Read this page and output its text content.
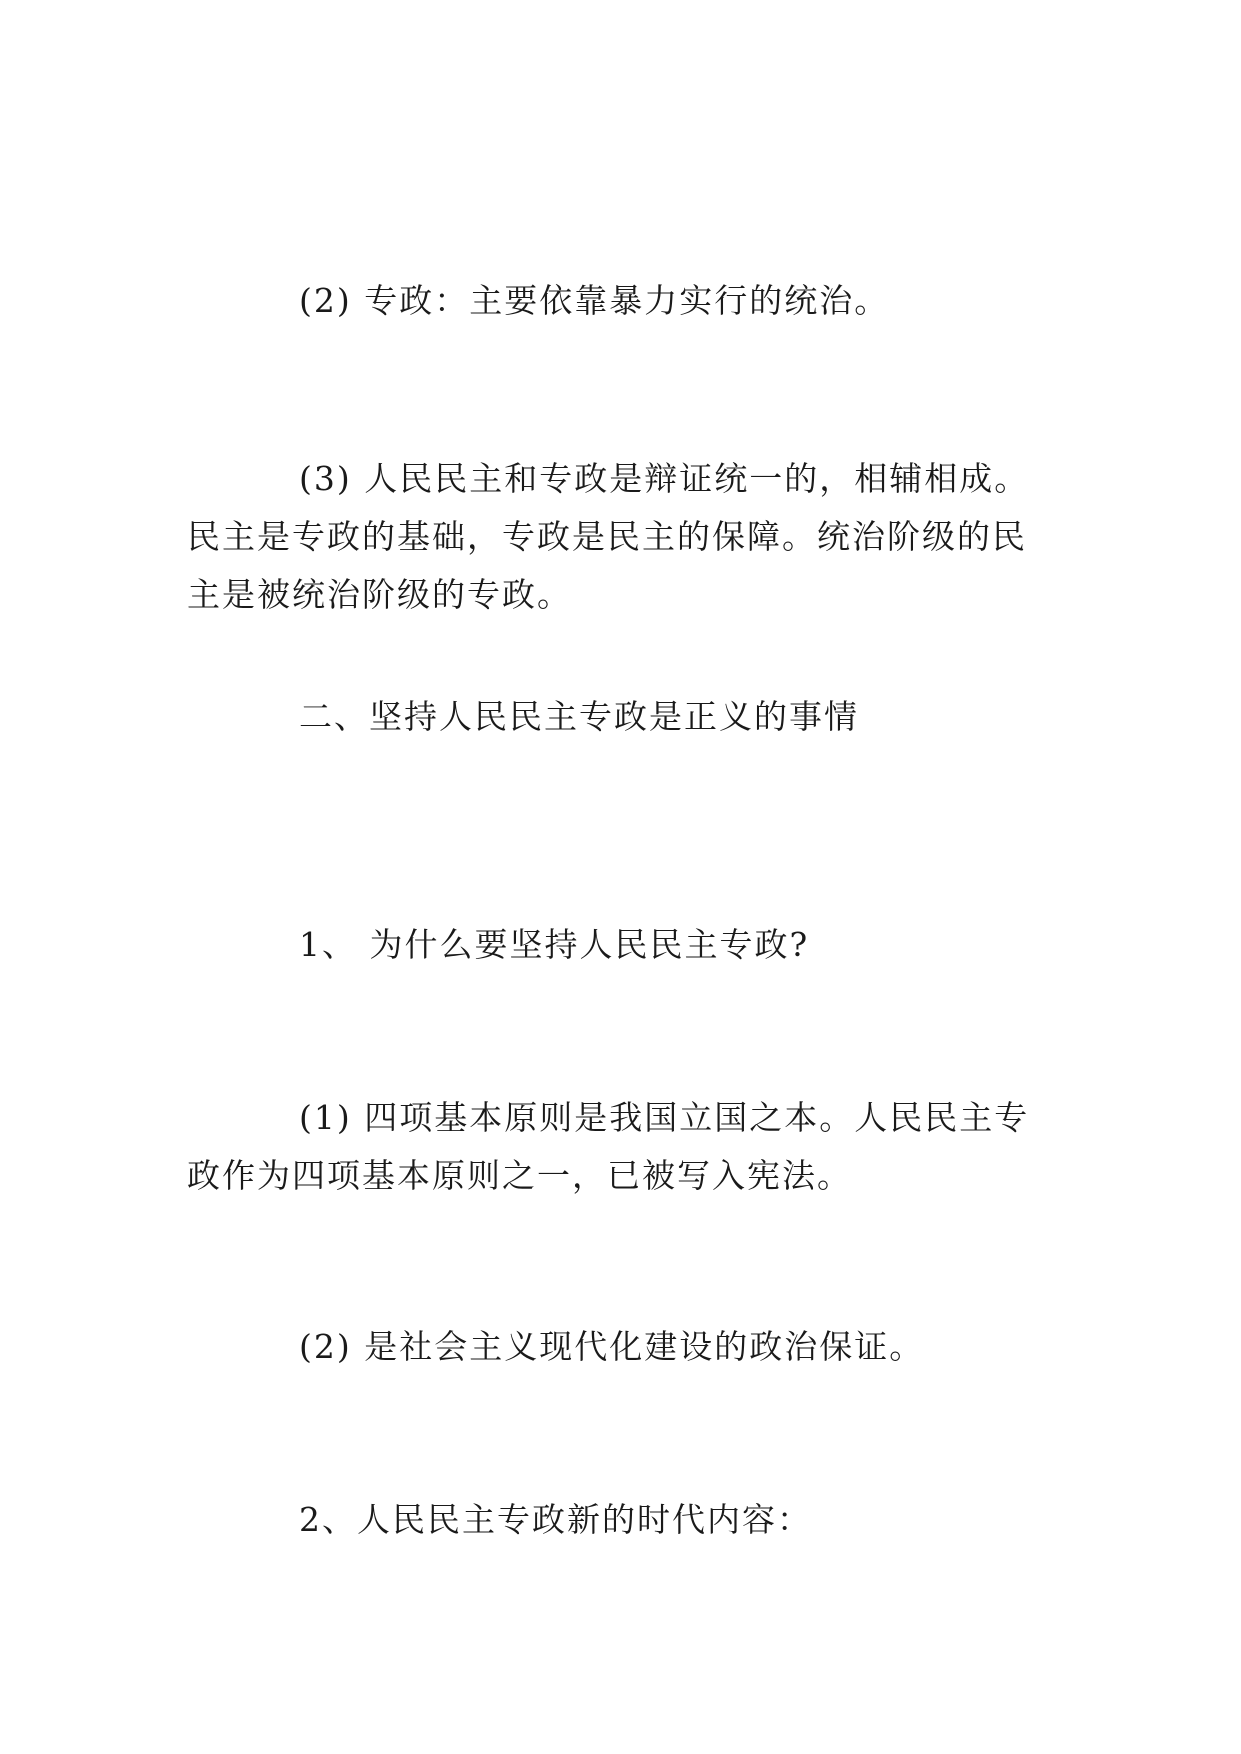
(2) 专政：主要依靠暴力实行的统治。

(3) 人民民主和专政是辩证统一的，相辅相成。民主是专政的基础，专政是民主的保障。统治阶级的民主是被统治阶级的专政。

二、坚持人民民主专政是正义的事情

1、 为什么要坚持人民民主专政?

(1) 四项基本原则是我国立国之本。人民民主专政作为四项基本原则之一，已被写入宪法。

(2) 是社会主义现代化建设的政治保证。

2、人民民主专政新的时代内容：
